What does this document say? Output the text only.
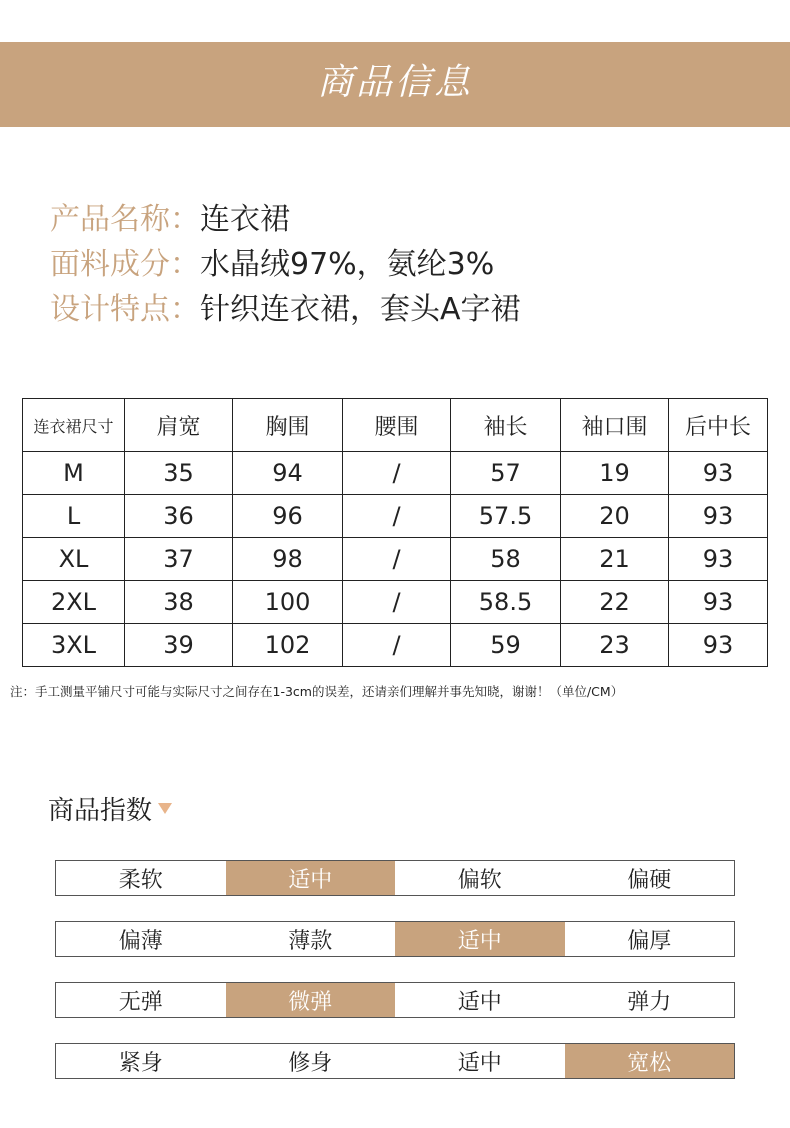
商品信息
产品名称： 连衣裙
面料成分： 水晶绒97%，氨纶3%
设计特点： 针织连衣裙，套头A字裙
连衣裙尺寸	肩宽	胸围	腰围	袖长	袖口围	后中长
M	35	94	/	57	19	93
L	36	96	/	57.5	20	93
XL	37	98	/	58	21	93
2XL	38	100	/	58.5	22	93
3XL	39	102	/	59	23	93
注：手工测量平铺尺寸可能与实际尺寸之间存在1-3cm的误差，还请亲们理解并事先知晓，谢谢！（单位/CM）
商品指数
柔软	适中	偏软	偏硬
偏薄	薄款	适中	偏厚
无弹	微弹	适中	弹力
紧身	修身	适中	宽松
